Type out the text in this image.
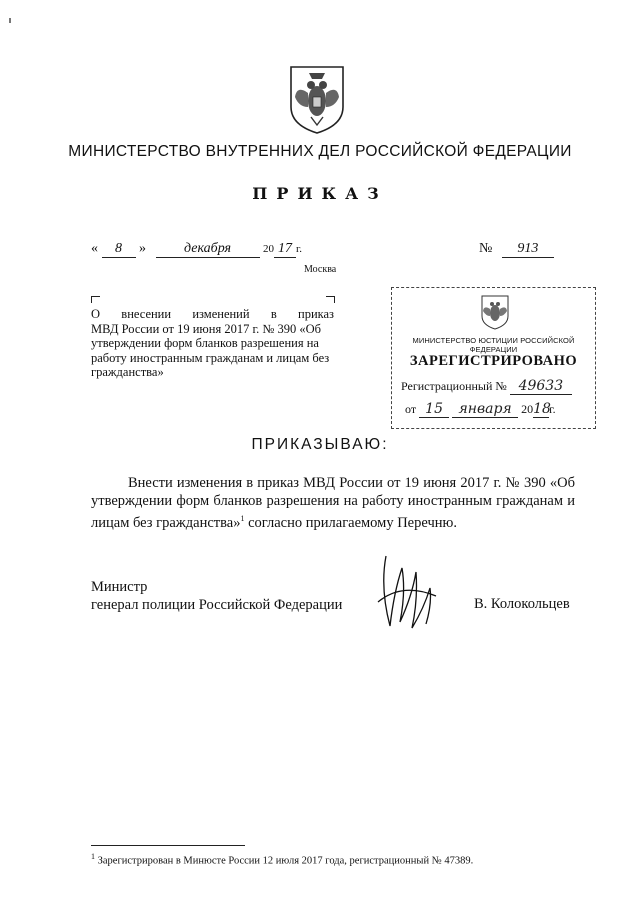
МИНИСТЕРСТВО ВНУТРЕННИХ ДЕЛ РОССИЙСКОЙ ФЕДЕРАЦИИ
ПРИКАЗ
« 8 »	декабря	20 17 г.	№ 913
Москва
О внесении изменений в приказ
МВД России от 19 июня 2017 г. № 390 «Об утверждении форм бланков разрешения на работу иностранным гражданам и лицам без гражданства»
МИНИСТЕРСТВО ЮСТИЦИИ РОССИЙСКОЙ ФЕДЕРАЦИИ
ЗАРЕГИСТРИРОВАНО
Регистрационный № 49633
от 15 января 2018г.
ПРИКАЗЫВАЮ:
Внести изменения в приказ МВД России от 19 июня 2017 г. № 390 «Об утверждении форм бланков разрешения на работу иностранным гражданам и лицам без гражданства»$^1$ согласно прилагаемому Перечню.
Министр
генерал полиции Российской Федерации	В. Колокольцев
$^1$ Зарегистрирован в Минюсте России 12 июля 2017 года, регистрационный № 47389.
